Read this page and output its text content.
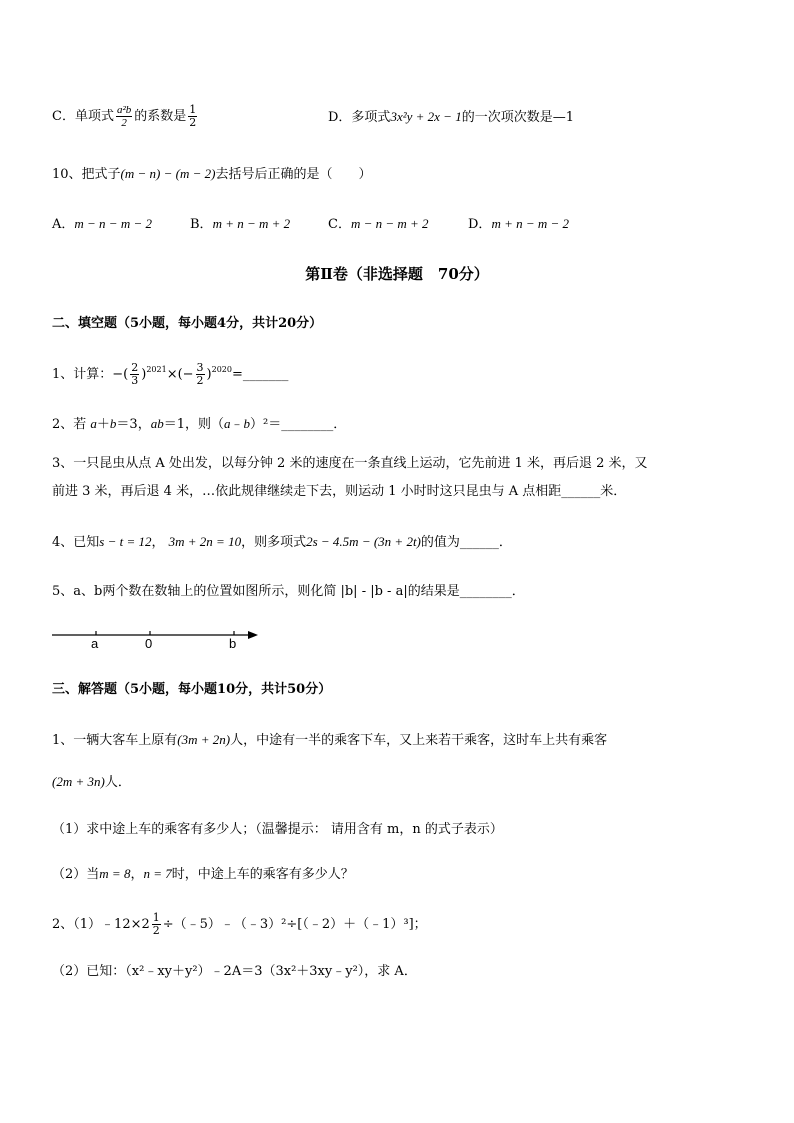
C．单项式 $\frac{\text{a²b}}{2}$ 的系数是 $\frac{1}{2}$	D．多项式3x²y + 2x − 1的一次项次数是—1
10、把式子(m − n) − (m − 2)去括号后正确的是（　　）
A．m − n − m − 2	B．m + n − m + 2	C．m − n − m + 2	D．m + n − m − 2
第Ⅱ卷（非选择题　70分）
二、填空题（5小题，每小题4分，共计20分）
1、计算：−( $\frac{2}{3} )^{2021}\times(- \frac{3}{2}$ )$^{2020}=\_\_\_\_\_\_\_$
2、若 a＋b＝3，ab＝1，则（a﹣b）²＝________．
3、一只昆虫从点 A 处出发，以每分钟 2 米的速度在一条直线上运动，它先前进 1 米，再后退 2 米，又
前进 3 米，再后退 4 米，…依此规律继续走下去，则运动 1 小时时这只昆虫与 A 点相距______米．
4、已知s − t = 12， 3m + 2n = 10，则多项式2s − 4.5m − (3n + 2t)的值为______．
5、a、b两个数在数轴上的位置如图所示，则化简 |b| - |b - a|的结果是________．
a	0	b
三、解答题（5小题，每小题10分，共计50分）
1、一辆大客车上原有(3m + 2n)人，中途有一半的乘客下车，又上来若干乘客，这时车上共有乘客
(2m + 3n)人．
（1）求中途上车的乘客有多少人；（温馨提示： 请用含有 m，n 的式子表示）
（2）当m = 8，n = 7时，中途上车的乘客有多少人？
2、（1）﹣12×2 $\frac{1}{2}$ ÷（﹣5）﹣（﹣3）²÷[（﹣2）＋（﹣1）³]；
（2）已知：（x²﹣xy＋y²）﹣2A＝3（3x²＋3xy﹣y²），求 A．
